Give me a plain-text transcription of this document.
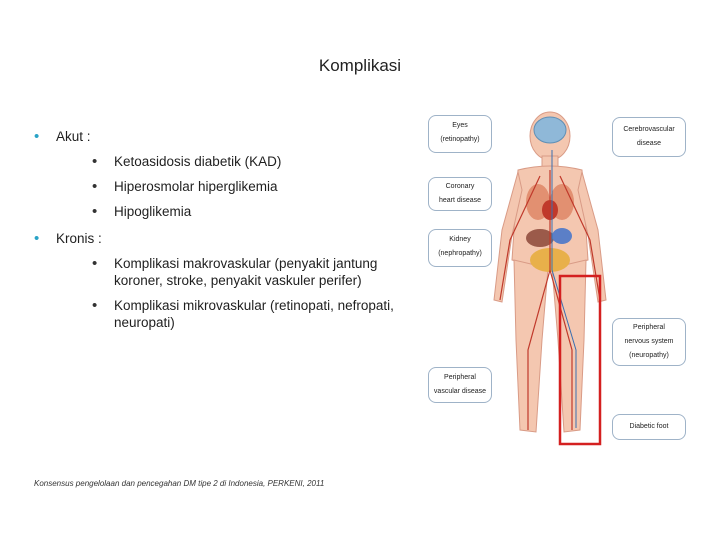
Komplikasi
• Akut :
• Ketoasidosis diabetik (KAD)
• Hiperosmolar hiperglikemia
• Hipoglikemia
• Kronis :
• Komplikasi makrovaskular (penyakit jantung koroner, stroke, penyakit vaskuler perifer)
• Komplikasi mikrovaskular (retinopati, nefropati, neuropati)
Eyes
(retinopathy)
Cerebrovascular
disease
Coronary
heart disease
Kidney
(nephropathy)
Peripheral
nervous system
(neuropathy)
Peripheral
vascular disease
Diabetic foot
Konsensus pengelolaan dan pencegahan DM tipe 2 di Indonesia, PERKENI, 2011
